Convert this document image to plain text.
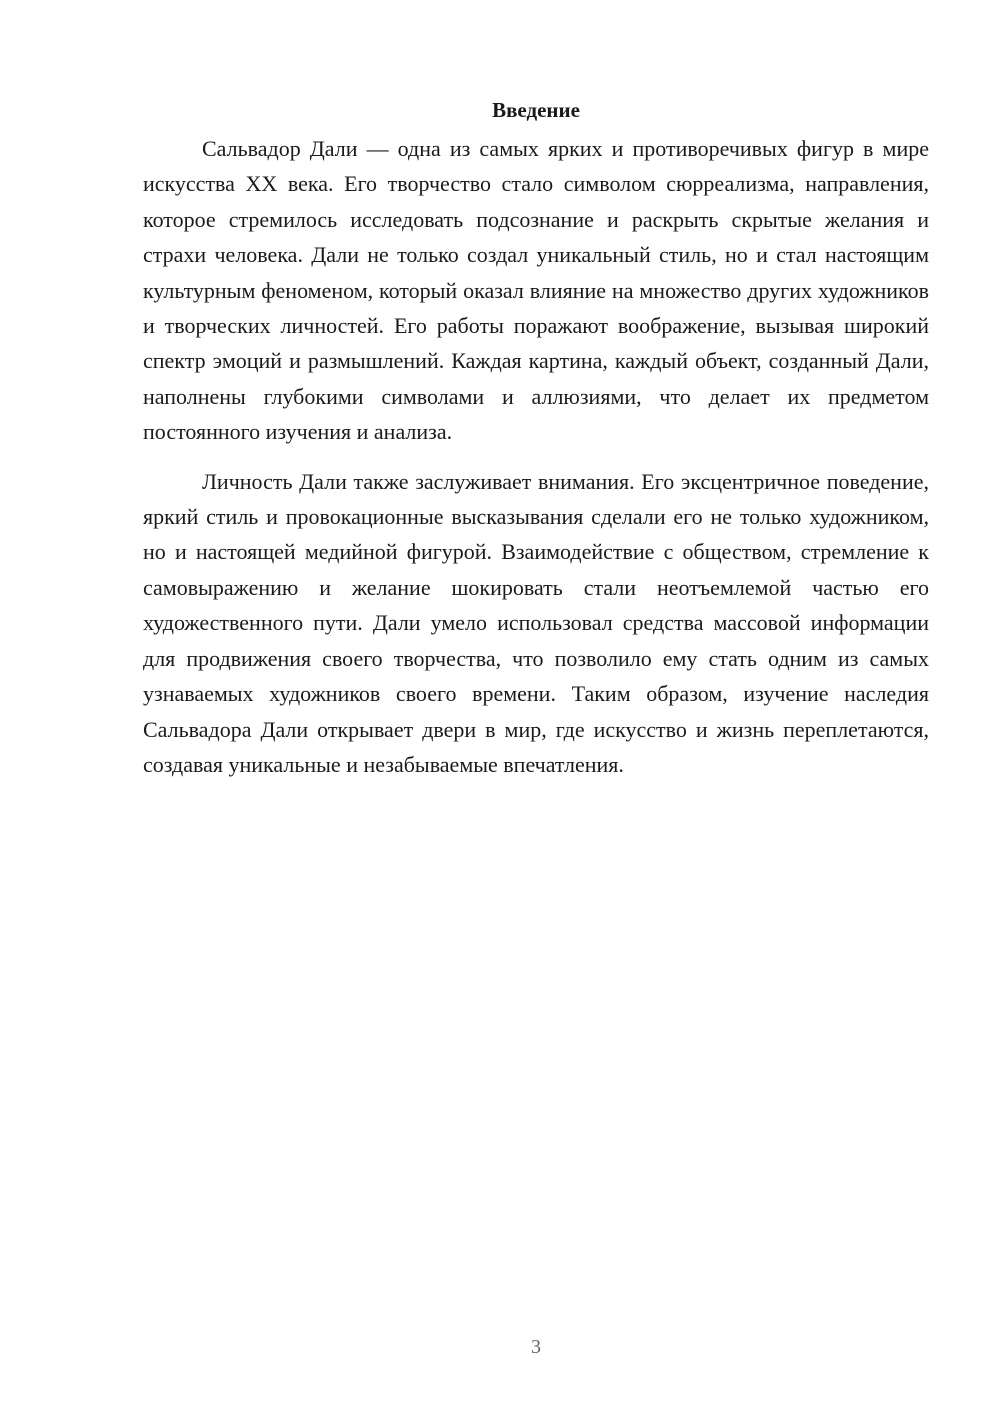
Введение

Сальвадор Дали — одна из самых ярких и противоречивых фигур в мире искусства XX века. Его творчество стало символом сюрреализма, направления, которое стремилось исследовать подсознание и раскрыть скрытые желания и страхи человека. Дали не только создал уникальный стиль, но и стал настоящим культурным феноменом, который оказал влияние на множество других художников и творческих личностей. Его работы поражают воображение, вызывая широкий спектр эмоций и размышлений. Каждая картина, каждый объект, созданный Дали, наполнены глубокими символами и аллюзиями, что делает их предметом постоянного изучения и анализа.

Личность Дали также заслуживает внимания. Его эксцентричное поведение, яркий стиль и провокационные высказывания сделали его не только художником, но и настоящей медийной фигурой. Взаимодействие с обществом, стремление к самовыражению и желание шокировать стали неотъемлемой частью его художественного пути. Дали умело использовал средства массовой информации для продвижения своего творчества, что позволило ему стать одним из самых узнаваемых художников своего времени. Таким образом, изучение наследия Сальвадора Дали открывает двери в мир, где искусство и жизнь переплетаются, создавая уникальные и незабываемые впечатления.

3
